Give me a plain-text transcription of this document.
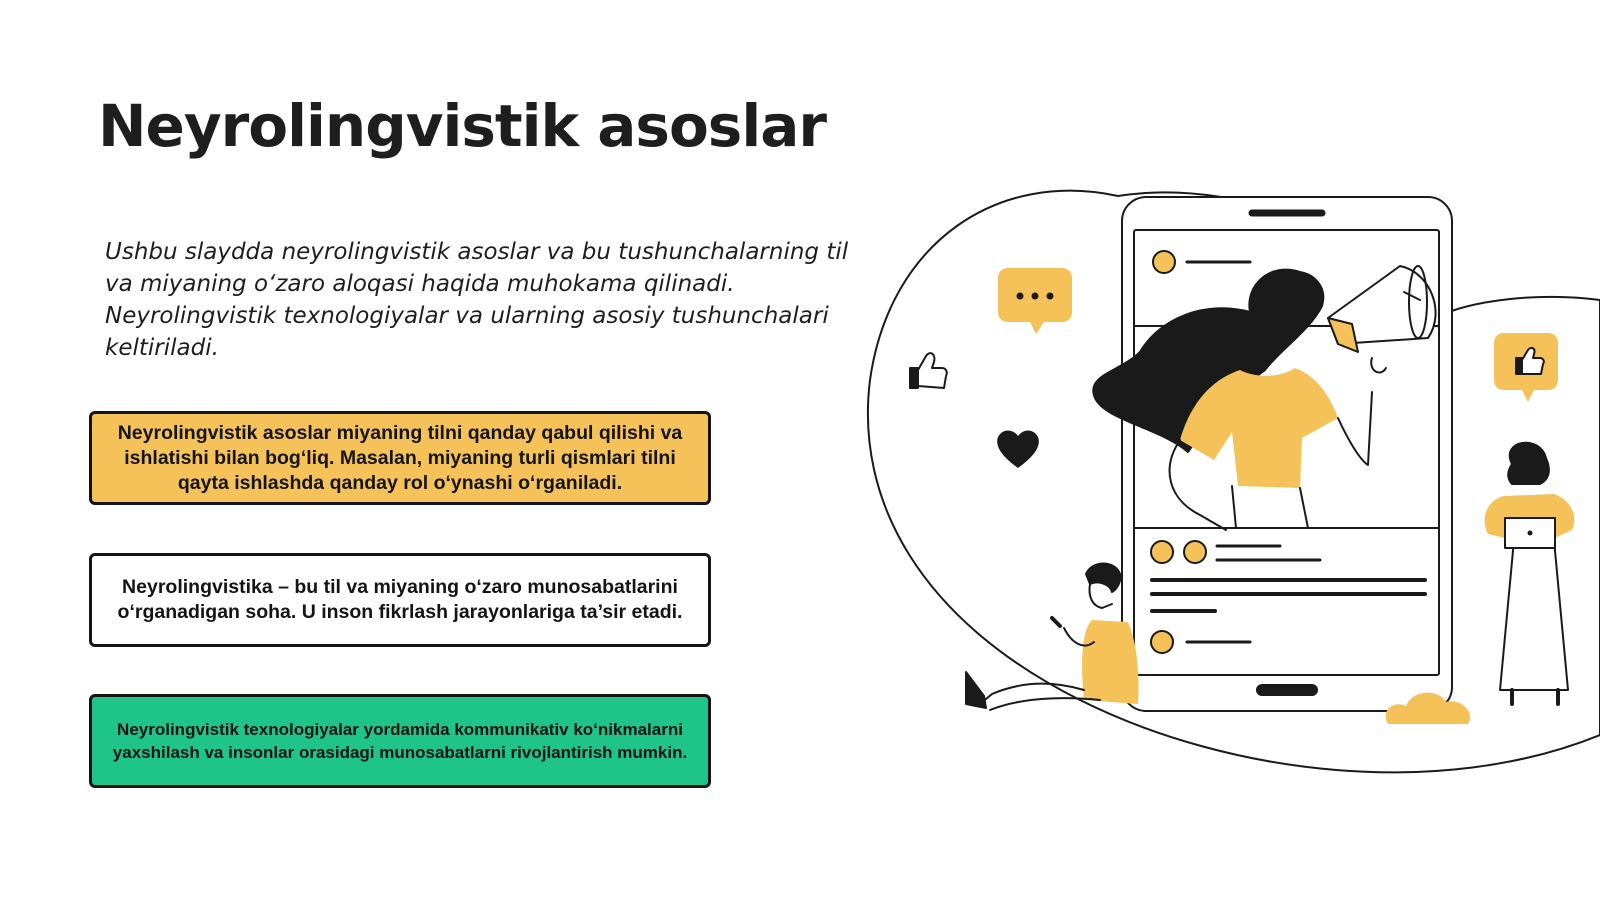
Neyrolingvistik asoslar

Ushbu slaydda neyrolingvistik asoslar va bu tushunchalarning til va miyaning o‘zaro aloqasi haqida muhokama qilinadi. Neyrolingvistik texnologiyalar va ularning asosiy tushunchalari keltiriladi.

Neyrolingvistik asoslar miyaning tilni qanday qabul qilishi va ishlatishi bilan bog‘liq. Masalan, miyaning turli qismlari tilni qayta ishlashda qanday rol o‘ynashi o‘rganiladi.

Neyrolingvistika – bu til va miyaning o‘zaro munosabatlarini o‘rganadigan soha. U inson fikrlash jarayonlariga ta’sir etadi.

Neyrolingvistik texnologiyalar yordamida kommunikativ ko‘nikmalarni yaxshilash va insonlar orasidagi munosabatlarni rivojlantirish mumkin.
